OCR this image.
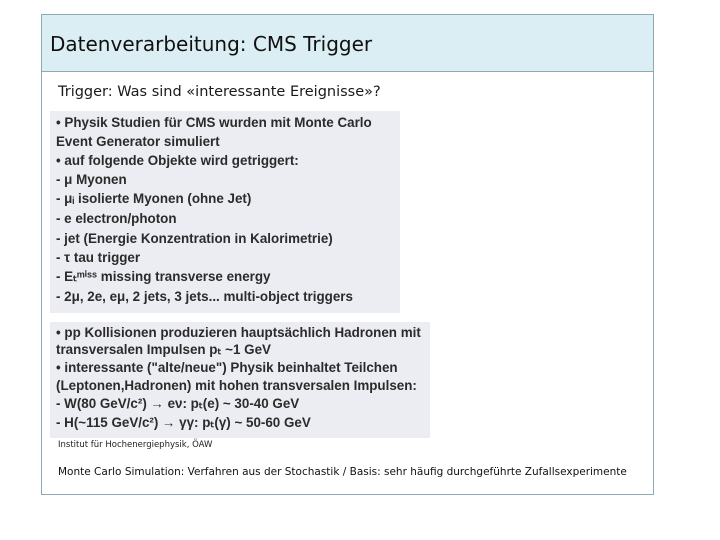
Datenverarbeitung: CMS Trigger
Trigger: Was sind «interessante Ereignisse»?
• Physik Studien für CMS wurden mit Monte Carlo
Event Generator simuliert
• auf folgende Objekte wird getriggert:
- μ Myonen
- μᵢ isolierte Myonen (ohne Jet)
- e electron/photon
- jet (Energie Konzentration in Kalorimetrie)
- τ tau trigger
- Eₜᵐⁱˢˢ missing transverse energy
- 2μ, 2e, eμ, 2 jets, 3 jets... multi-object triggers
• pp Kollisionen produzieren hauptsächlich Hadronen mit
transversalen Impulsen pₜ ~1 GeV
• interessante ("alte/neue") Physik beinhaltet Teilchen
(Leptonen,Hadronen) mit hohen transversalen Impulsen:
- W(80 GeV/c²) → eν: pₜ(e) ~ 30-40 GeV
- H(~115 GeV/c²) → γγ: pₜ(γ) ~ 50-60 GeV
Institut für Hochenergiephysik, ÖAW
Monte Carlo Simulation: Verfahren aus der Stochastik / Basis: sehr häufig durchgeführte Zufallsexperimente
